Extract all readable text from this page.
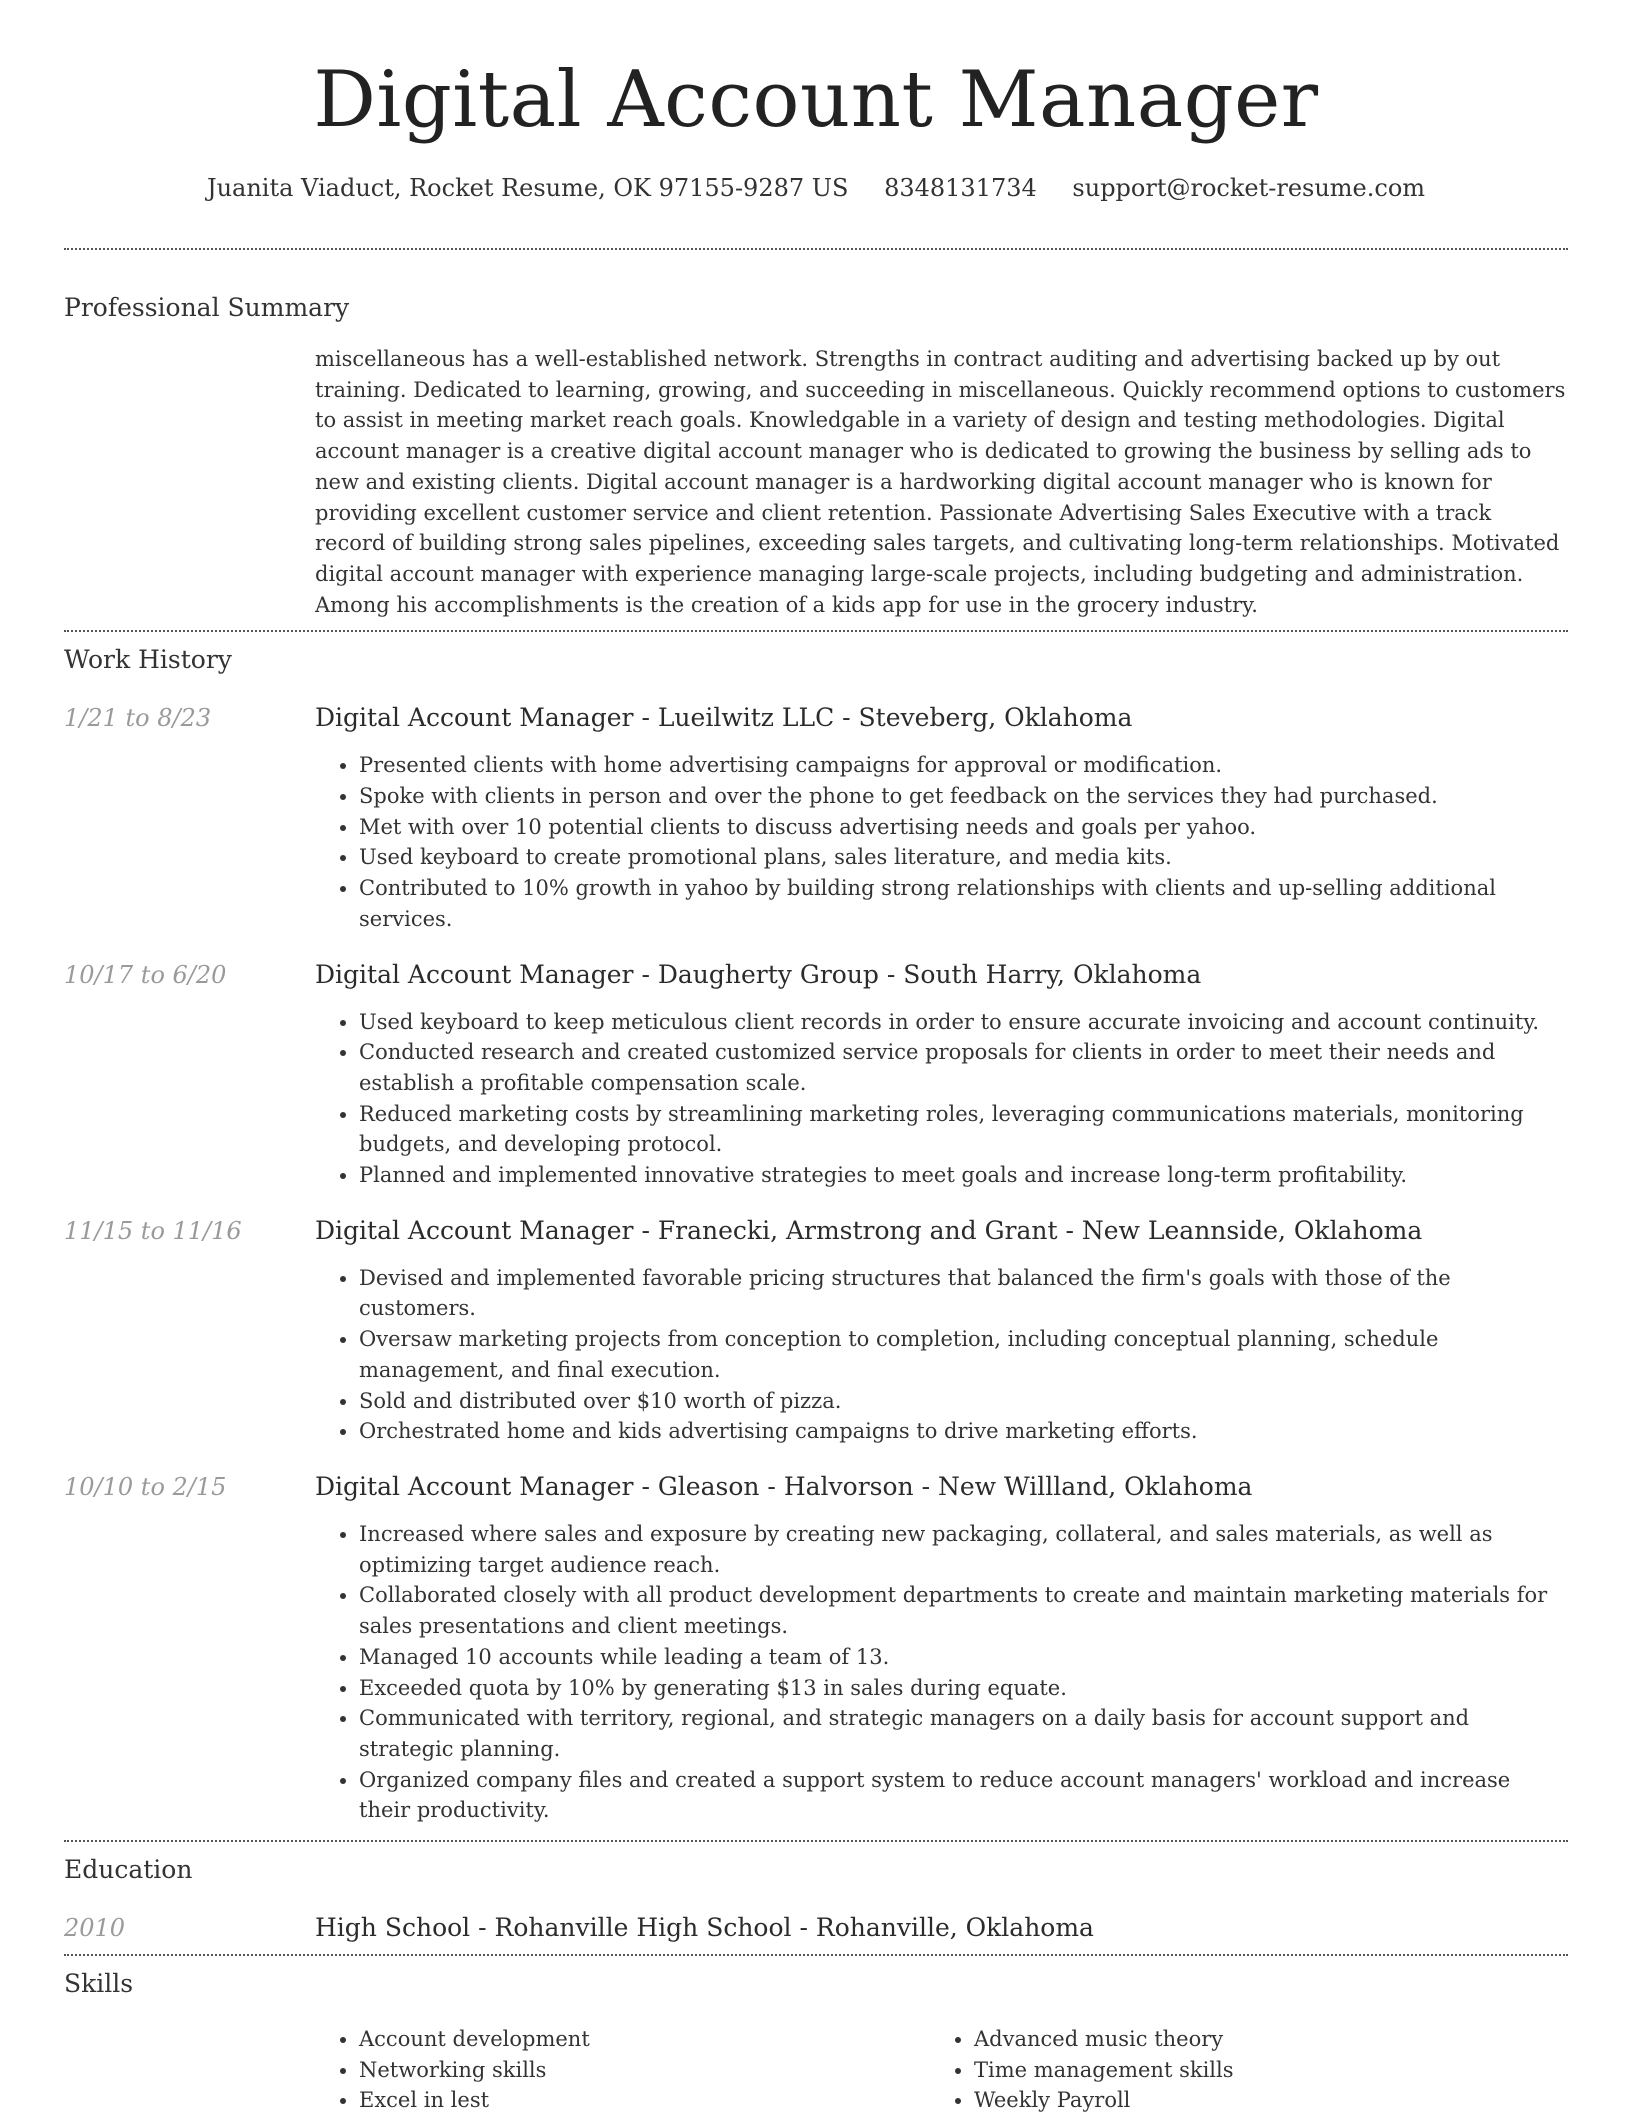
Digital Account Manager
Juanita Viaduct, Rocket Resume, OK 97155-9287 US 8348131734 support@rocket-resume.com
Professional Summary

miscellaneous has a well-established network. Strengths in contract auditing and advertising backed up by out training. Dedicated to learning, growing, and succeeding in miscellaneous. Quickly recommend options to customers to assist in meeting market reach goals. Knowledgable in a variety of design and testing methodologies. Digital account manager is a creative digital account manager who is dedicated to growing the business by selling ads to new and existing clients. Digital account manager is a hardworking digital account manager who is known for providing excellent customer service and client retention. Passionate Advertising Sales Executive with a track record of building strong sales pipelines, exceeding sales targets, and cultivating long-term relationships. Motivated digital account manager with experience managing large-scale projects, including budgeting and administration. Among his accomplishments is the creation of a kids app for use in the grocery industry.

Work History
1/21 to 8/23	Digital Account Manager - Lueilwitz LLC - Steveberg, Oklahoma
• Presented clients with home advertising campaigns for approval or modification.
• Spoke with clients in person and over the phone to get feedback on the services they had purchased.
• Met with over 10 potential clients to discuss advertising needs and goals per yahoo.
• Used keyboard to create promotional plans, sales literature, and media kits.
• Contributed to 10% growth in yahoo by building strong relationships with clients and up-selling additional services.
10/17 to 6/20	Digital Account Manager - Daugherty Group - South Harry, Oklahoma
• Used keyboard to keep meticulous client records in order to ensure accurate invoicing and account continuity.
• Conducted research and created customized service proposals for clients in order to meet their needs and establish a profitable compensation scale.
• Reduced marketing costs by streamlining marketing roles, leveraging communications materials, monitoring budgets, and developing protocol.
• Planned and implemented innovative strategies to meet goals and increase long-term profitability.
11/15 to 11/16	Digital Account Manager - Franecki, Armstrong and Grant - New Leannside, Oklahoma
• Devised and implemented favorable pricing structures that balanced the firm's goals with those of the customers.
• Oversaw marketing projects from conception to completion, including conceptual planning, schedule management, and final execution.
• Sold and distributed over $10 worth of pizza.
• Orchestrated home and kids advertising campaigns to drive marketing efforts.
10/10 to 2/15	Digital Account Manager - Gleason - Halvorson - New Willland, Oklahoma
• Increased where sales and exposure by creating new packaging, collateral, and sales materials, as well as optimizing target audience reach.
• Collaborated closely with all product development departments to create and maintain marketing materials for sales presentations and client meetings.
• Managed 10 accounts while leading a team of 13.
• Exceeded quota by 10% by generating $13 in sales during equate.
• Communicated with territory, regional, and strategic managers on a daily basis for account support and strategic planning.
• Organized company files and created a support system to reduce account managers' workload and increase their productivity.
Education
2010	High School - Rohanville High School - Rohanville, Oklahoma
Skills
• Account development
• Networking skills
• Excel in lest
• Advanced music theory
• Time management skills
• Weekly Payroll
